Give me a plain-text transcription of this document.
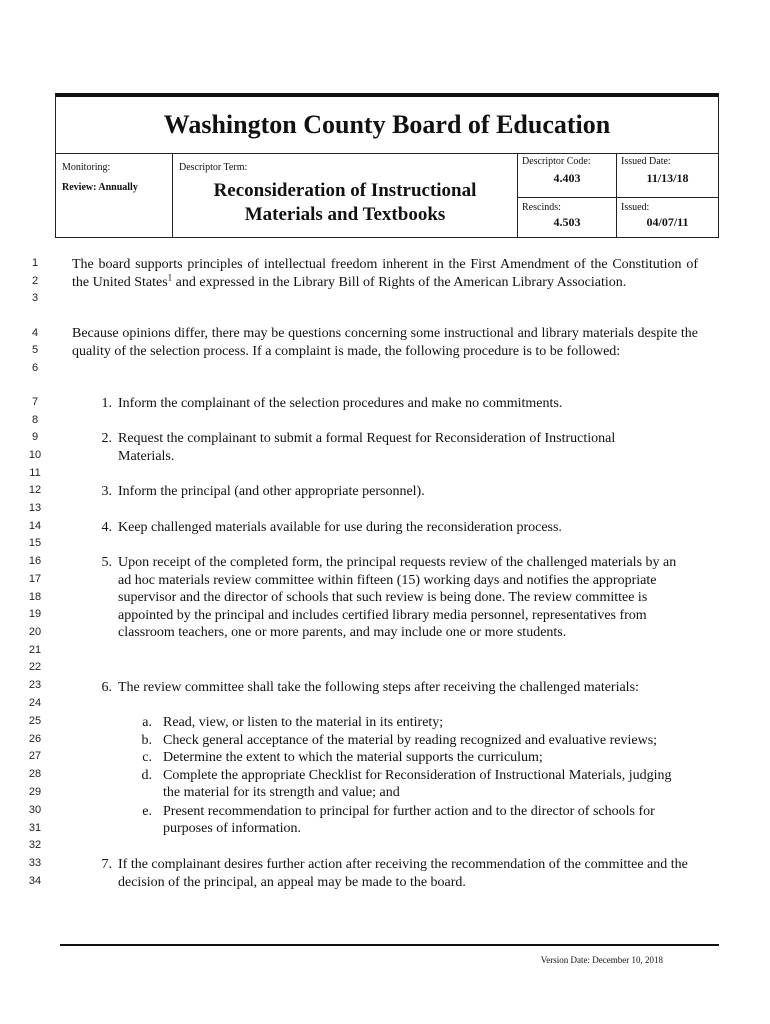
Washington County Board of Education
Monitoring:
Review: Annually
Descriptor Term:
Reconsideration of Instructional
Materials and Textbooks
Descriptor Code:
4.403
Issued Date:
11/13/18
Rescinds:
4.503
Issued:
04/07/11
1
2
3
4
5
6
7
8
9
10
11
12
13
14
15
16
17
18
19
20
21
22
23
24
25
26
27
28
29
30
31
32
33
34
The board supports principles of intellectual freedom inherent in the First Amendment of the Constitution of the United States$^1$ and expressed in the Library Bill of Rights of the American Library Association.
Because opinions differ, there may be questions concerning some instructional and library materials despite the quality of the selection process. If a complaint is made, the following procedure is to be followed:
1. Inform the complainant of the selection procedures and make no commitments.
2. Request the complainant to submit a formal Request for Reconsideration of Instructional Materials.
3. Inform the principal (and other appropriate personnel).
4. Keep challenged materials available for use during the reconsideration process.
5. Upon receipt of the completed form, the principal requests review of the challenged materials by an ad hoc materials review committee within fifteen (15) working days and notifies the appropriate supervisor and the director of schools that such review is being done. The review committee is appointed by the principal and includes certified library media personnel, representatives from classroom teachers, one or more parents, and may include one or more students.
6. The review committee shall take the following steps after receiving the challenged materials:
a. Read, view, or listen to the material in its entirety;
b. Check general acceptance of the material by reading recognized and evaluative reviews;
c. Determine the extent to which the material supports the curriculum;
d. Complete the appropriate Checklist for Reconsideration of Instructional Materials, judging the material for its strength and value; and
e. Present recommendation to principal for further action and to the director of schools for purposes of information.
7. If the complainant desires further action after receiving the recommendation of the committee and the decision of the principal, an appeal may be made to the board.
Version Date: December 10, 2018
